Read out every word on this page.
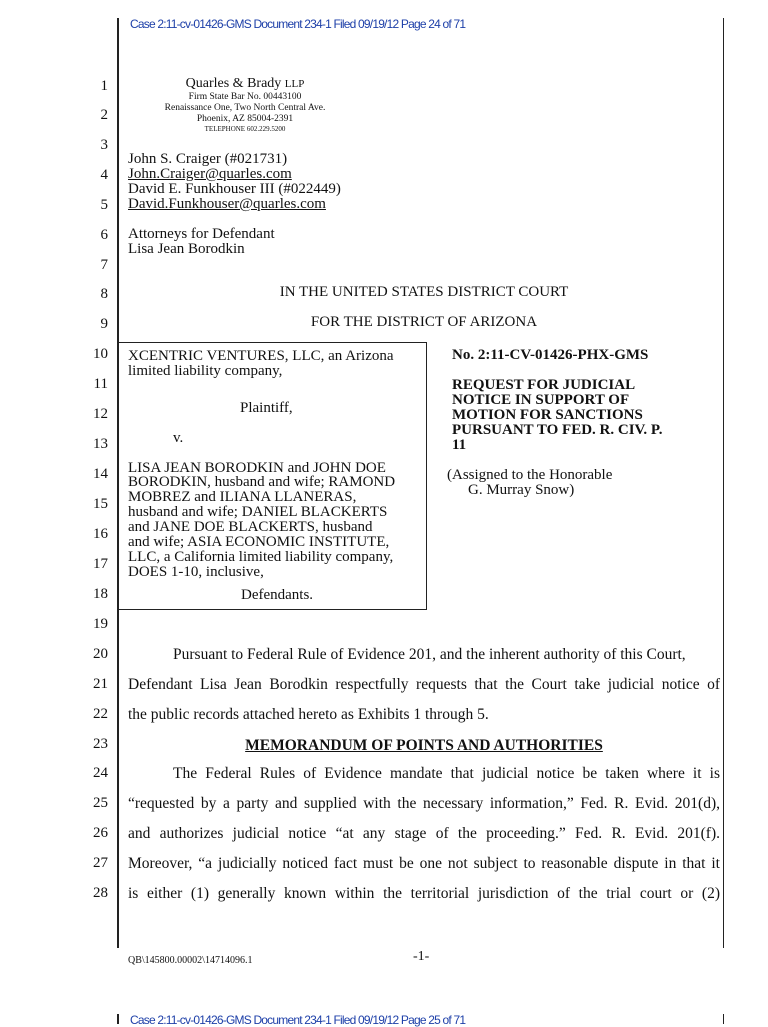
Case 2:11-cv-01426-GMS Document 234-1 Filed 09/19/12 Page 24 of 71
Case 2:11-cv-01426-GMS Document 234-1 Filed 09/19/12 Page 25 of 71
1
2
3
4
5
6
7
8
9
10
11
12
13
14
15
16
17
18
19
20
21
22
23
24
25
26
27
28
Quarles & Brady LLP
Firm State Bar No. 00443100
Renaissance One, Two North Central Ave.
Phoenix, AZ 85004-2391
TELEPHONE 602.229.5200
John S. Craiger (#021731)
John.Craiger@quarles.com
David E. Funkhouser III (#022449)
David.Funkhouser@quarles.com
Attorneys for Defendant
Lisa Jean Borodkin
IN THE UNITED STATES DISTRICT COURT
FOR THE DISTRICT OF ARIZONA
XCENTRIC VENTURES, LLC, an Arizona
limited liability company,
Plaintiff,
v.
LISA JEAN BORODKIN and JOHN DOE
BORODKIN, husband and wife; RAMOND
MOBREZ and ILIANA LLANERAS,
husband and wife; DANIEL BLACKERTS
and JANE DOE BLACKERTS, husband
and wife; ASIA ECONOMIC INSTITUTE,
LLC, a California limited liability company,
DOES 1-10, inclusive,
Defendants.
No. 2:11-CV-01426-PHX-GMS
REQUEST FOR JUDICIAL
NOTICE IN SUPPORT OF
MOTION FOR SANCTIONS
PURSUANT TO FED. R. CIV. P.
11
(Assigned to the Honorable
G. Murray Snow)
Pursuant to Federal Rule of Evidence 201, and the inherent authority of this Court,
Defendant Lisa Jean Borodkin respectfully requests that the Court take judicial notice of
the public records attached hereto as Exhibits 1 through 5.
MEMORANDUM OF POINTS AND AUTHORITIES
The Federal Rules of Evidence mandate that judicial notice be taken where it is
“requested by a party and supplied with the necessary information,” Fed. R. Evid. 201(d),
and authorizes judicial notice “at any stage of the proceeding.” Fed. R. Evid. 201(f).
Moreover, “a judicially noticed fact must be one not subject to reasonable dispute in that it
is either (1) generally known within the territorial jurisdiction of the trial court or (2)
QB\145800.00002\14714096.1	-1-
